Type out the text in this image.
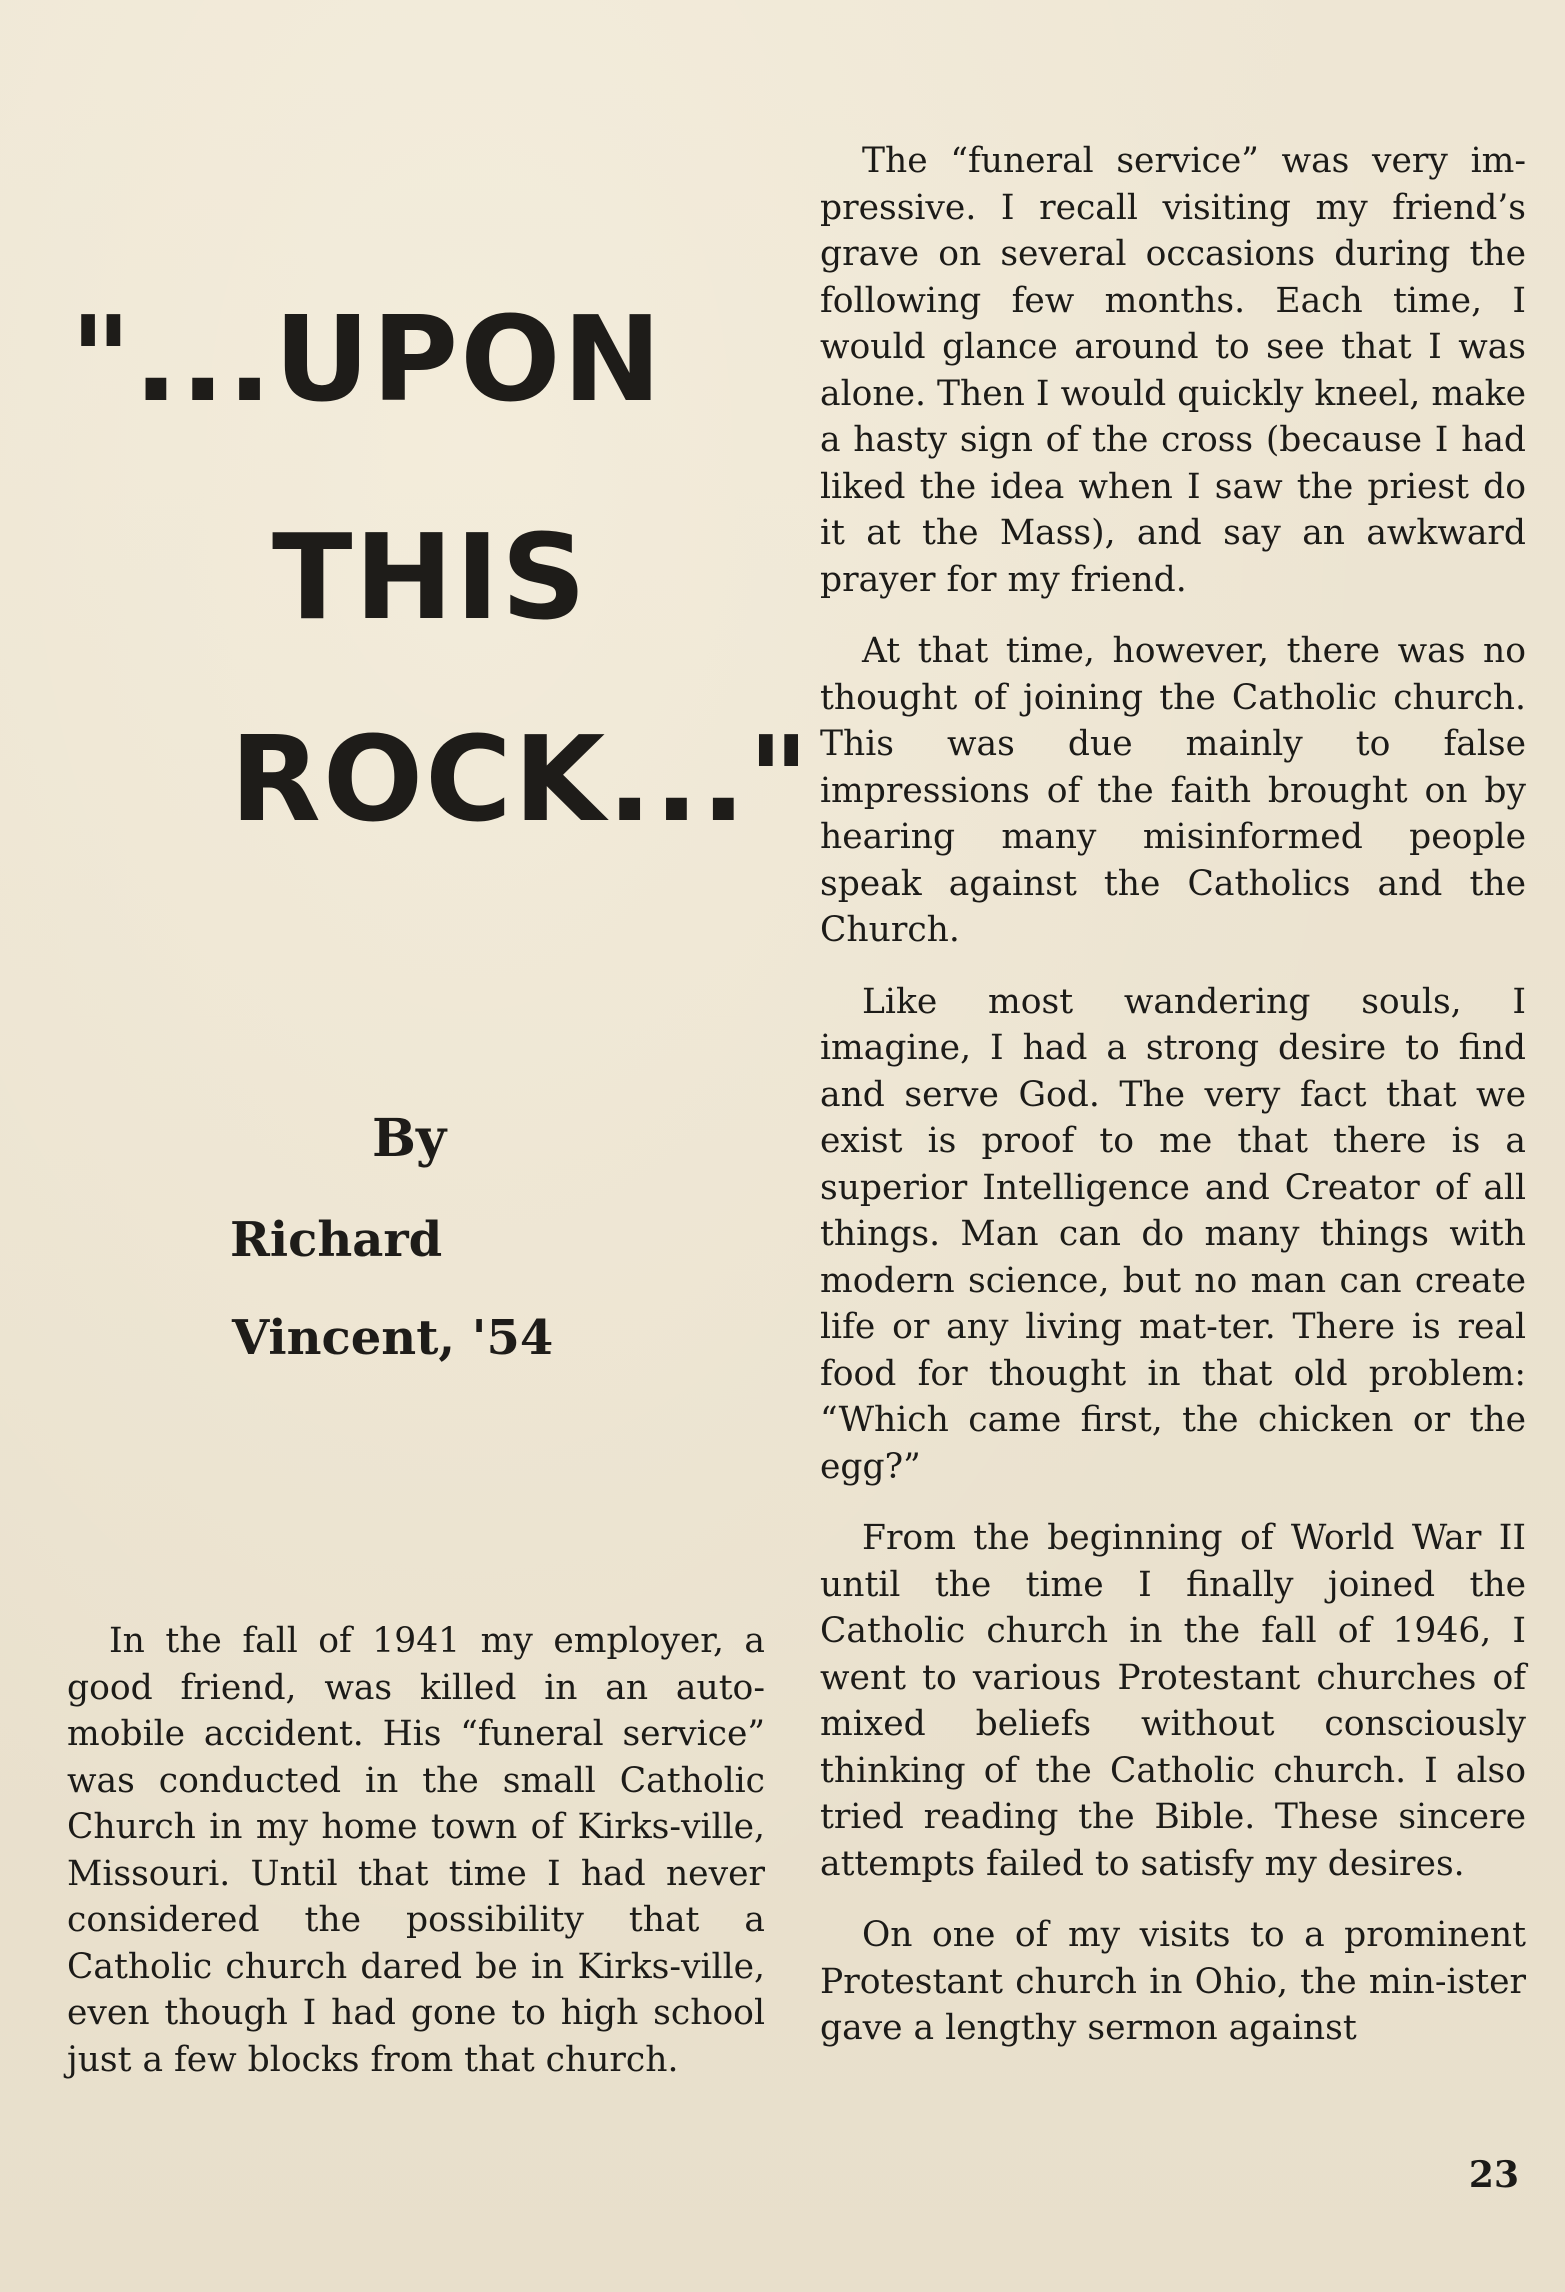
"...UPON
THIS
ROCK..."
By
Richard
Vincent, '54

In the fall of 1941 my employer, a good friend, was killed in an auto-mobile accident. His “funeral service” was conducted in the small Catholic Church in my home town of Kirks-ville, Missouri. Until that time I had never considered the possibility that a Catholic church dared be in Kirks-ville, even though I had gone to high school just a few blocks from that church.

The “funeral service” was very im-pressive. I recall visiting my friend’s grave on several occasions during the following few months. Each time, I would glance around to see that I was alone. Then I would quickly kneel, make a hasty sign of the cross (because I had liked the idea when I saw the priest do it at the Mass), and say an awkward prayer for my friend.

At that time, however, there was no thought of joining the Catholic church. This was due mainly to false impressions of the faith brought on by hearing many misinformed people speak against the Catholics and the Church.

Like most wandering souls, I imagine, I had a strong desire to find and serve God. The very fact that we exist is proof to me that there is a superior Intelligence and Creator of all things. Man can do many things with modern science, but no man can create life or any living mat-ter. There is real food for thought in that old problem: “Which came first, the chicken or the egg?”

From the beginning of World War II until the time I finally joined the Catholic church in the fall of 1946, I went to various Protestant churches of mixed beliefs without consciously thinking of the Catholic church. I also tried reading the Bible. These sincere attempts failed to satisfy my desires.

On one of my visits to a prominent Protestant church in Ohio, the min-ister gave a lengthy sermon against

23
